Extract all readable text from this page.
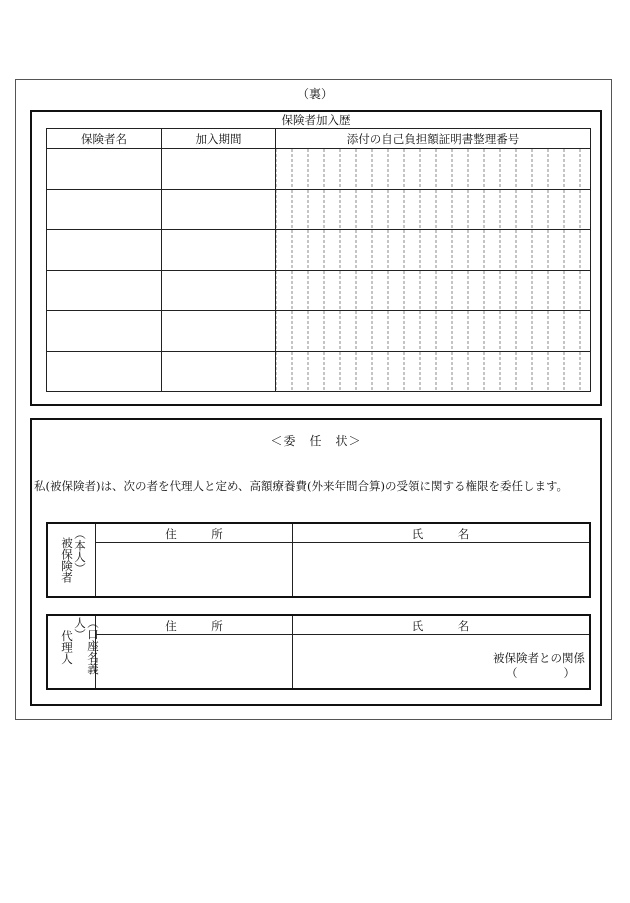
（裏）
保険者加入歴
保険者名	加入期間	添付の自己負担額証明書整理番号

＜委　任　状＞
私(被保険者)は、次の者を代理人と定め、高額療養費(外来年間合算)の受領に関する権限を委任します。
被保険者 （本人）	住　　　所	氏　　　名
代理人	（口座名義人）	住　　　所	氏　　　名
被保険者との関係
（　　　　）
